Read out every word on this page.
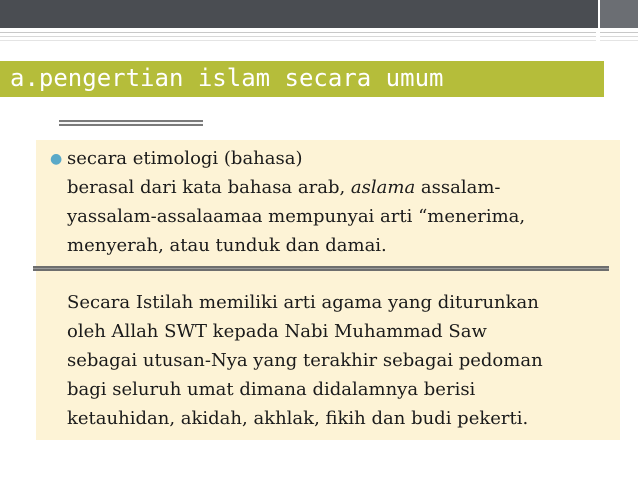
a.pengertian islam secara umum
● secara etimologi (bahasa)
berasal dari kata bahasa arab, aslama assalam-
yassalam-assalaamaa mempunyai arti “menerima,
menyerah, atau tunduk dan damai.
Secara Istilah memiliki arti agama yang diturunkan
oleh Allah SWT kepada Nabi Muhammad Saw
sebagai utusan-Nya yang terakhir sebagai pedoman
bagi seluruh umat dimana didalamnya berisi
ketauhidan, akidah, akhlak, fikih dan budi pekerti.
